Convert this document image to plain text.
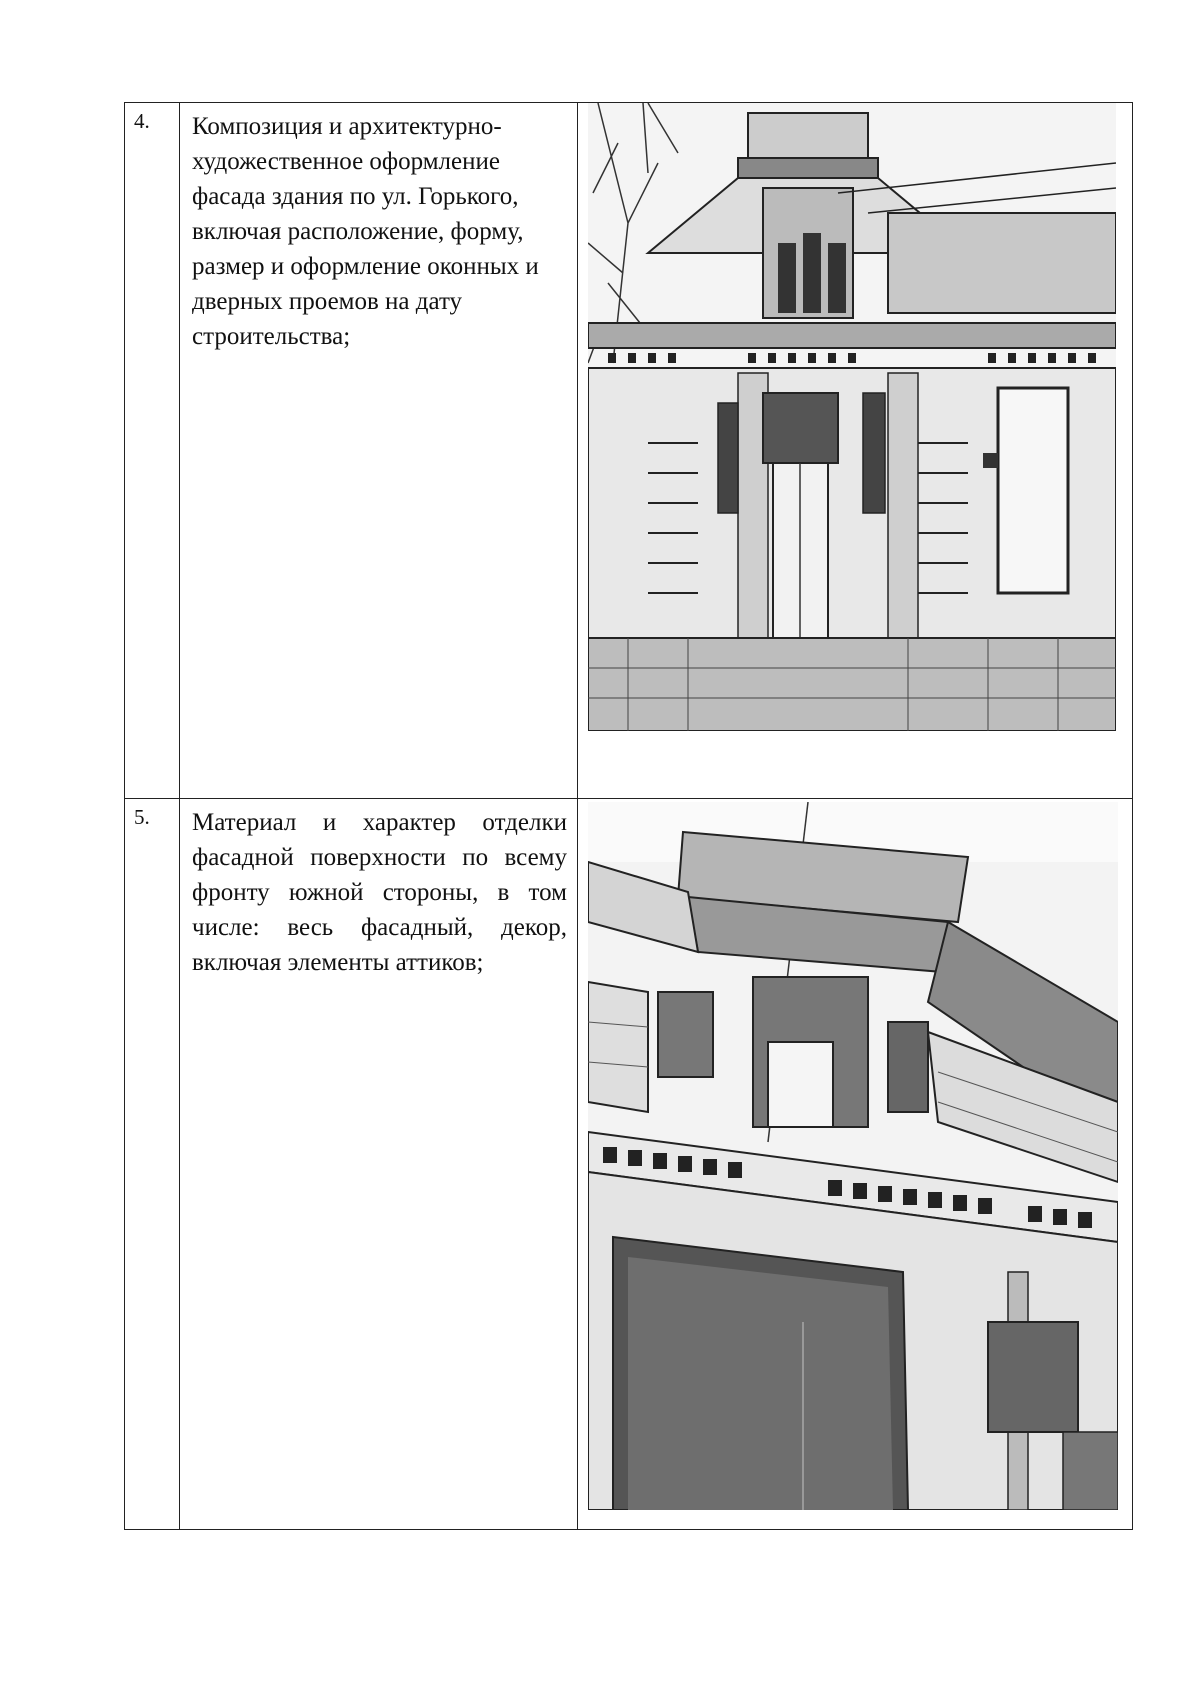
4.	Композиция и архитектурно-художественное оформление фасада здания по ул. Горького, включая расположение, форму, размер и оформление оконных и дверных проемов на дату строительства;

5.	Материал и характер отделки фасадной поверхности по всему фронту южной стороны, в том числе: весь фасадный, декор, включая элементы аттиков;
